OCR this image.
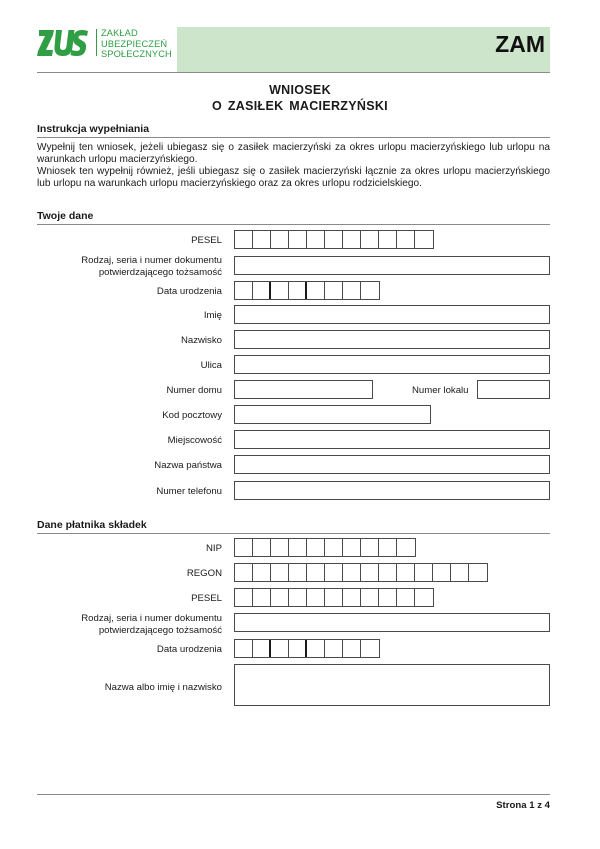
ZAKŁAD
UBEZPIECZEŃ
SPOŁECZNYCH	ZAM
WNIOSEK
O ZASIŁEK MACIERZYŃSKI
Instrukcja wypełniania
Wypełnij ten wniosek, jeżeli ubiegasz się o zasiłek macierzyński za okres urlopu macierzyńskiego lub urlopu na warunkach urlopu macierzyńskiego.
Wniosek ten wypełnij również, jeśli ubiegasz się o zasiłek macierzyński łącznie za okres urlopu macierzyńskiego lub urlopu na warunkach urlopu macierzyńskiego oraz za okres urlopu rodzicielskiego.
Twoje dane
PESEL
Rodzaj, seria i numer dokumentu
potwierdzającego tożsamość
Data urodzenia
Imię
Nazwisko
Ulica
Numer domu	Numer lokalu
Kod pocztowy
Miejscowość
Nazwa państwa
Numer telefonu
Dane płatnika składek
NIP
REGON
PESEL
Rodzaj, seria i numer dokumentu
potwierdzającego tożsamość
Data urodzenia
Nazwa albo imię i nazwisko
Strona 1 z 4
